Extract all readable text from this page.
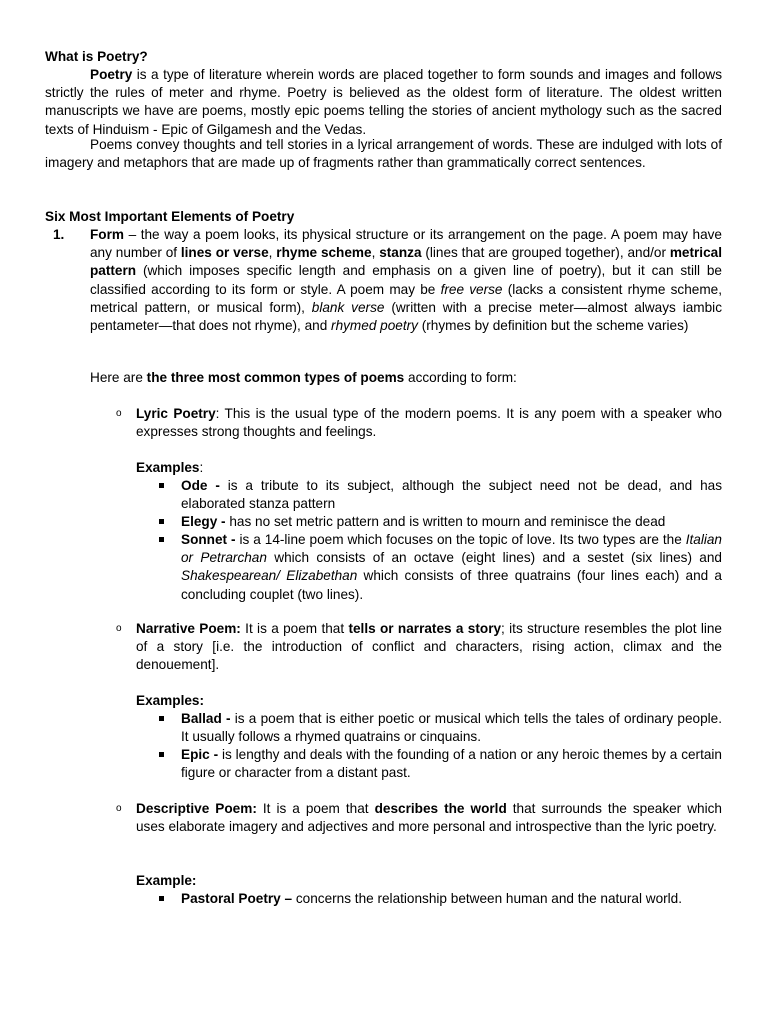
What is Poetry?

Poetry is a type of literature wherein words are placed together to form sounds and images and follows strictly the rules of meter and rhyme. Poetry is believed as the oldest form of literature. The oldest written manuscripts we have are poems, mostly epic poems telling the stories of ancient mythology such as the sacred texts of Hinduism - Epic of Gilgamesh and the Vedas.

Poems convey thoughts and tell stories in a lyrical arrangement of words. These are indulged with lots of imagery and metaphors that are made up of fragments rather than grammatically correct sentences.

Six Most Important Elements of Poetry
1. Form – the way a poem looks, its physical structure or its arrangement on the page. A poem may have any number of lines or verse, rhyme scheme, stanza (lines that are grouped together), and/or metrical pattern (which imposes specific length and emphasis on a given line of poetry), but it can still be classified according to its form or style. A poem may be free verse (lacks a consistent rhyme scheme, metrical pattern, or musical form), blank verse (written with a precise meter—almost always iambic pentameter—that does not rhyme), and rhymed poetry (rhymes by definition but the scheme varies)

Here are the three most common types of poems according to form:

o Lyric Poetry: This is the usual type of the modern poems. It is any poem with a speaker who expresses strong thoughts and feelings.

Examples:

Ode - is a tribute to its subject, although the subject need not be dead, and has elaborated stanza pattern

Elegy - has no set metric pattern and is written to mourn and reminisce the dead

Sonnet - is a 14-line poem which focuses on the topic of love. Its two types are the Italian or Petrarchan which consists of an octave (eight lines) and a sestet (six lines) and Shakespearean/ Elizabethan which consists of three quatrains (four lines each) and a concluding couplet (two lines).

o Narrative Poem: It is a poem that tells or narrates a story; its structure resembles the plot line of a story [i.e. the introduction of conflict and characters, rising action, climax and the denouement].

Examples:

Ballad - is a poem that is either poetic or musical which tells the tales of ordinary people. It usually follows a rhymed quatrains or cinquains.

Epic - is lengthy and deals with the founding of a nation or any heroic themes by a certain figure or character from a distant past.

o Descriptive Poem: It is a poem that describes the world that surrounds the speaker which uses elaborate imagery and adjectives and more personal and introspective than the lyric poetry.

Example:

Pastoral Poetry – concerns the relationship between human and the natural world.
